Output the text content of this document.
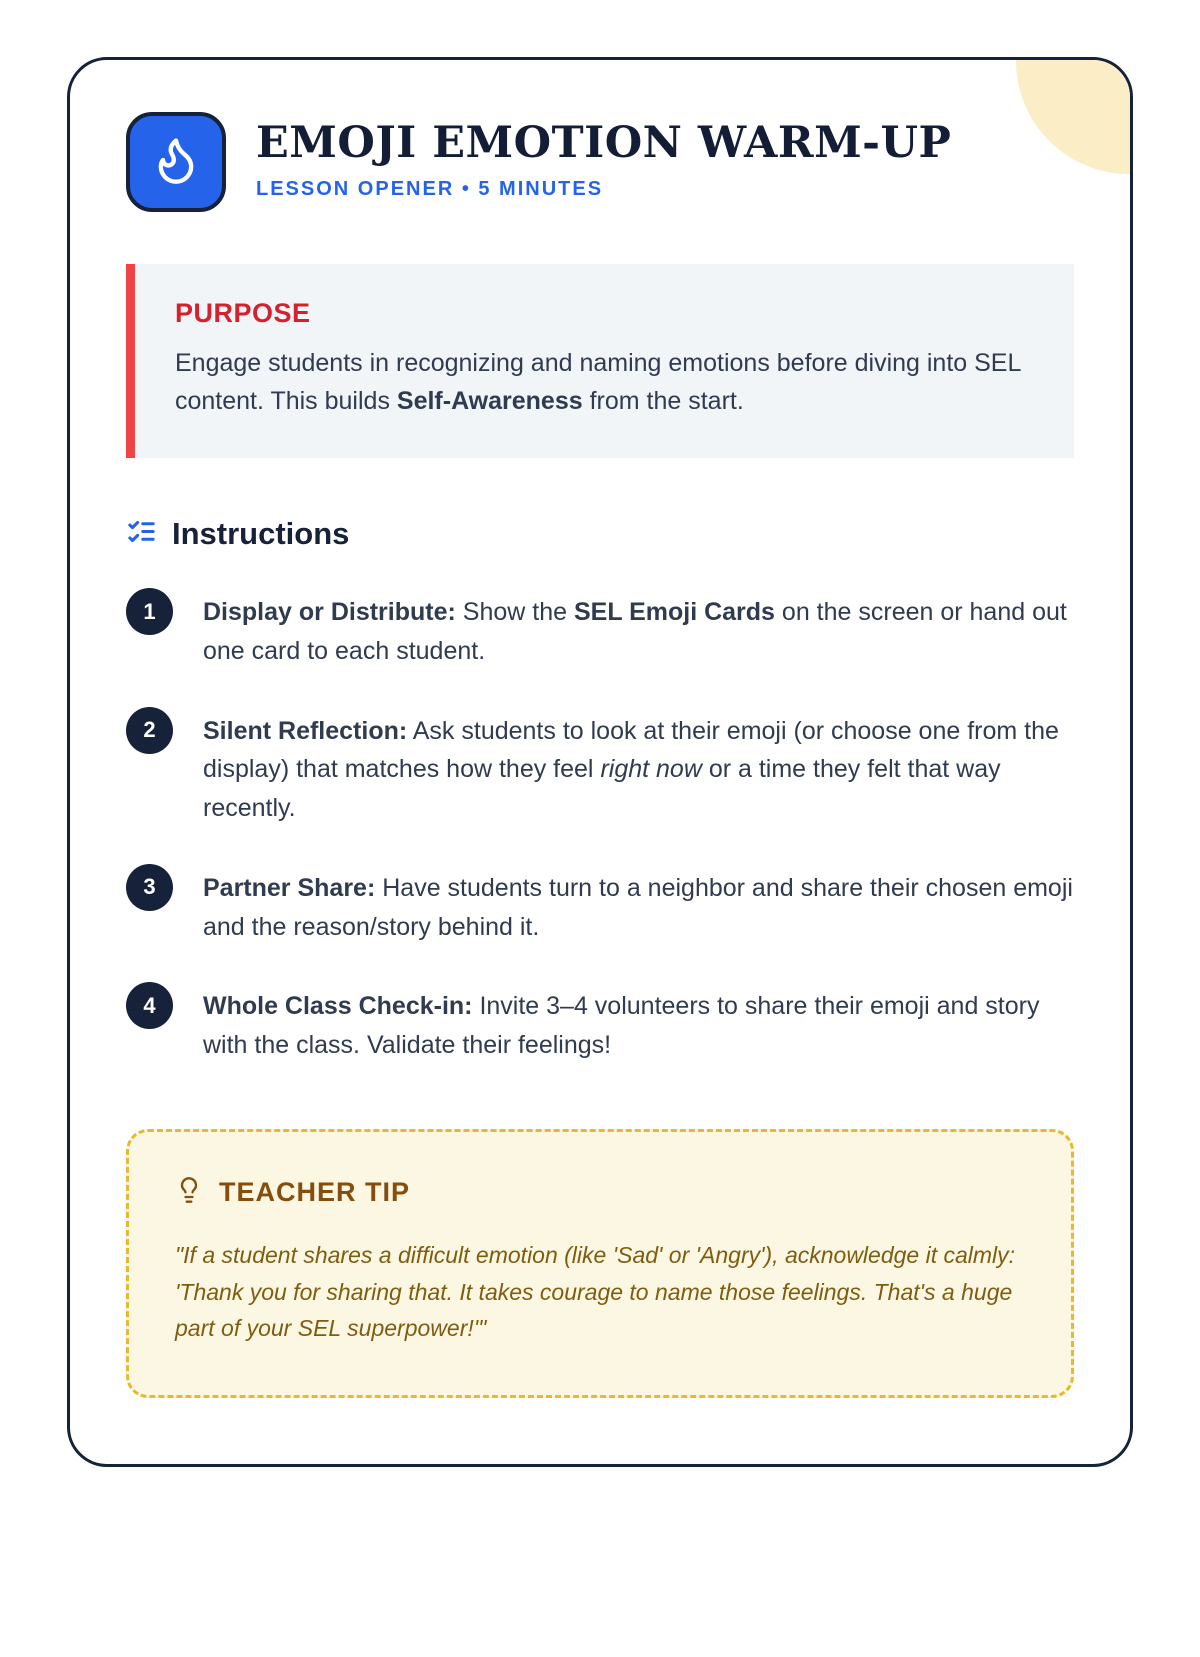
EMOJI EMOTION WARM-UP
LESSON OPENER • 5 MINUTES
PURPOSE
Engage students in recognizing and naming emotions before diving into SEL content. This builds Self-Awareness from the start.
Instructions
1	Display or Distribute: Show the SEL Emoji Cards on the screen or hand out one card to each student.
2	Silent Reflection: Ask students to look at their emoji (or choose one from the display) that matches how they feel right now or a time they felt that way recently.
3	Partner Share: Have students turn to a neighbor and share their chosen emoji and the reason/story behind it.
4	Whole Class Check-in: Invite 3–4 volunteers to share their emoji and story with the class. Validate their feelings!
TEACHER TIP
"If a student shares a difficult emotion (like 'Sad' or 'Angry'), acknowledge it calmly: 'Thank you for sharing that. It takes courage to name those feelings. That's a huge part of your SEL superpower!'"
